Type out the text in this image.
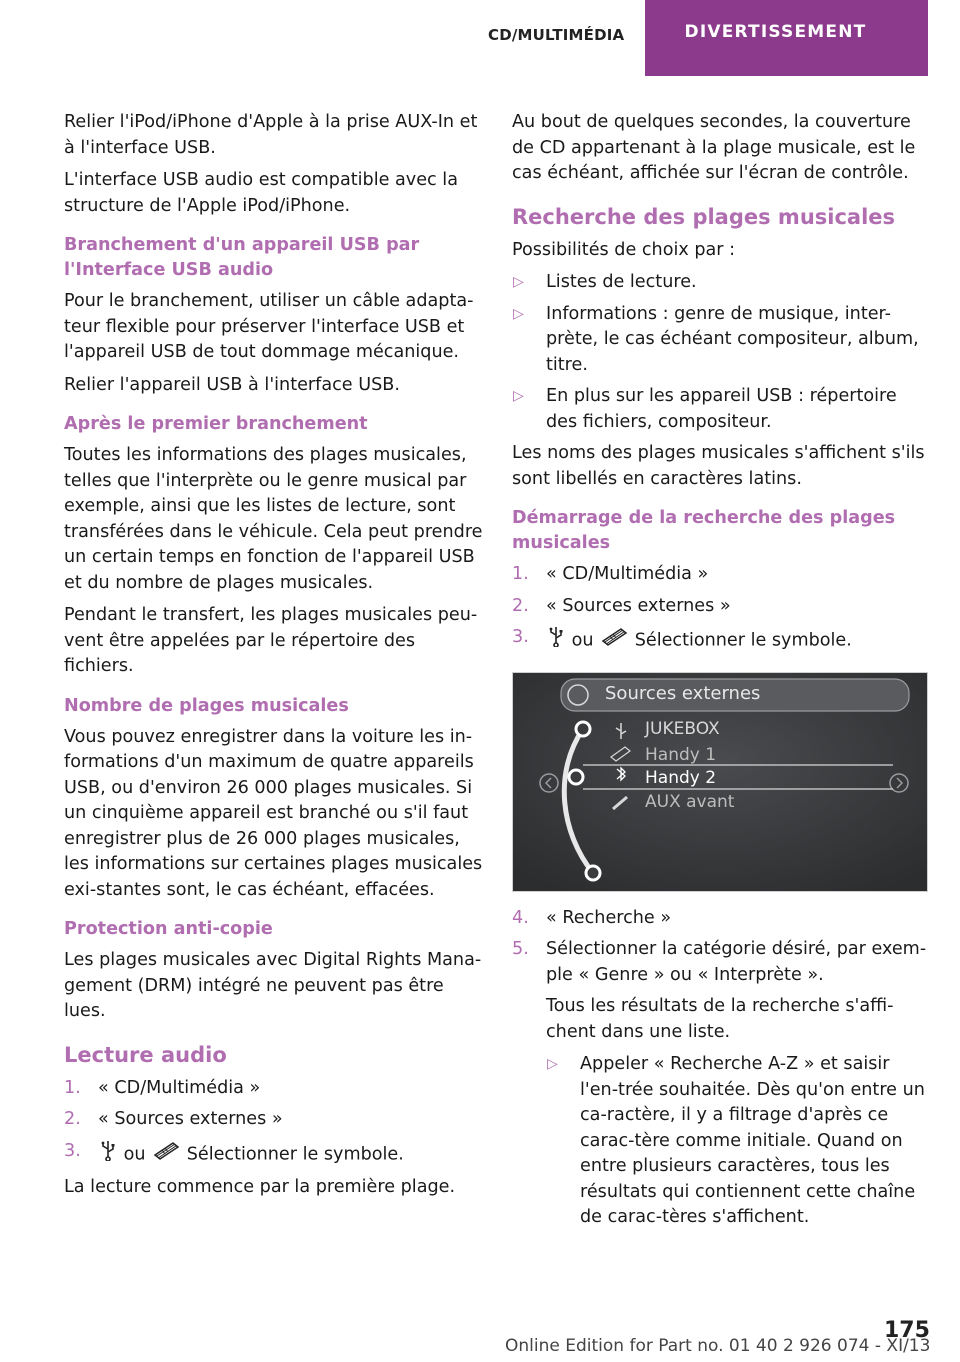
CD/MULTIMÉDIA	DIVERTISSEMENT

Relier l'iPod/iPhone d'Apple à la prise AUX-In et à l'interface USB.

L'interface USB audio est compatible avec la structure de l'Apple iPod/iPhone.

Branchement d'un appareil USB par l'Interface USB audio

Pour le branchement, utiliser un câble adapta-teur flexible pour préserver l'interface USB et l'appareil USB de tout dommage mécanique.

Relier l'appareil USB à l'interface USB.

Après le premier branchement

Toutes les informations des plages musicales, telles que l'interprète ou le genre musical par exemple, ainsi que les listes de lecture, sont transférées dans le véhicule. Cela peut prendre un certain temps en fonction de l'appareil USB et du nombre de plages musicales.

Pendant le transfert, les plages musicales peu-vent être appelées par le répertoire des fichiers.

Nombre de plages musicales

Vous pouvez enregistrer dans la voiture les in-formations d'un maximum de quatre appareils USB, ou d'environ 26 000 plages musicales. Si un cinquième appareil est branché ou s'il faut enregistrer plus de 26 000 plages musicales, les informations sur certaines plages musicales exi-stantes sont, le cas échéant, effacées.

Protection anti-copie

Les plages musicales avec Digital Rights Mana-gement (DRM) intégré ne peuvent pas être lues.

Lecture audio
1. « CD/Multimédia »
2. « Sources externes »
3. ou Sélectionner le symbole.

La lecture commence par la première plage.

Au bout de quelques secondes, la couverture de CD appartenant à la plage musicale, est le cas échéant, affichée sur l'écran de contrôle.

Recherche des plages musicales

Possibilités de choix par :

▷ Listes de lecture.
▷ Informations : genre de musique, inter-prète, le cas échéant compositeur, album, titre.
▷ En plus sur les appareil USB : répertoire des fichiers, compositeur.

Les noms des plages musicales s'affichent s'ils sont libellés en caractères latins.

Démarrage de la recherche des plages musicales
1. « CD/Multimédia »
2. « Sources externes »
3. ou Sélectionner le symbole.
Sources externes
JUKEBOX
Handy 1
Handy 2
AUX avant
4. « Recherche »
5. Sélectionner la catégorie désiré, par exem-ple « Genre » ou « Interprète ».

Tous les résultats de la recherche s'affi-chent dans une liste.

▷ Appeler « Recherche A-Z » et saisir l'en-trée souhaitée. Dès qu'on entre un ca-ractère, il y a filtrage d'après ce carac-tère comme initiale. Quand on entre plusieurs caractères, tous les résultats qui contiennent cette chaîne de carac-tères s'affichent.
175
Online Edition for Part no. 01 40 2 926 074 - XI/13
